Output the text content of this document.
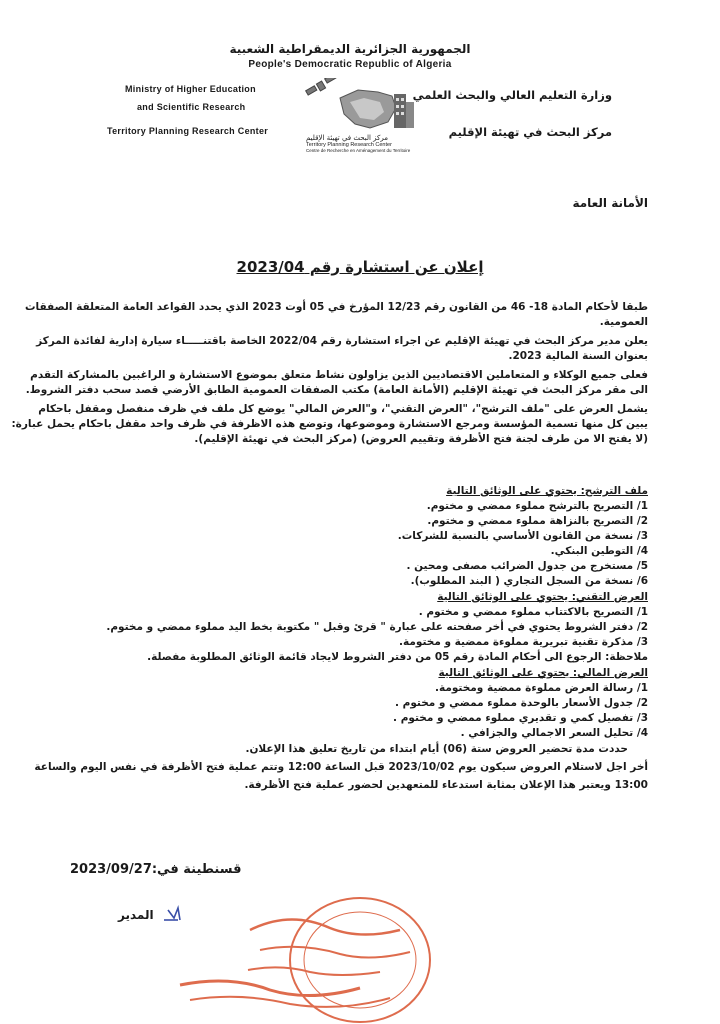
الجمهورية الجزائرية الديمقراطية الشعبية
People's Democratic Republic of Algeria
Ministry of Higher Education
and Scientific Research
Territory Planning Research Center
وزارة التعليم العالي والبحث العلمي
مركز البحث في تهيئة الإقليم
مركز البحث في تهيئة الإقليم
Territory Planning Research Center
Centre de Recherche en Aménagement du Territoire
الأمانة العامة
إعلان عن استشارة رقم 2023/04
طبقا لأحكام المادة 18- 46 من القانون رقم 12/23 المؤرخ في 05 أوت 2023 الذي يحدد القواعد العامة المتعلقة الصفقات
العمومية.
يعلن مدير مركز البحث في تهيئة الإقليم عن اجراء استشارة رقم 2022/04 الخاصة باقتنـــــاء سيارة إدارية لفائدة المركز
بعنوان السنة المالية 2023.
فعلى جميع الوكلاء و المتعاملين الاقتصاديين الذين يزاولون نشاط متعلق بموضوع الاستشارة و الراغبين بالمشاركة التقدم
الى مقر مركز البحث في تهيئة الإقليم (الأمانة العامة) مكتب الصفقات العمومية الطابق الأرضي قصد سحب دفتر الشروط.
يشمل العرض على "ملف الترشح"، "العرض التقني"، و"العرض المالي" يوضع كل ملف في ظرف منفصل ومقفل باحكام
يبين كل منها تسمية المؤسسة ومرجع الاستشارة وموضوعها، وتوضع هذه الاظرفة في ظرف واحد مقفل باحكام يحمل عبارة:
(لا يفتح الا من طرف لجنة فتح الأظرفة وتقييم العروض) (مركز البحث في تهيئة الإقليم).
ملف الترشح: يحتوي على الوثائق التالية
1/ التصريح بالترشح مملوء ممضي و مختوم.
2/ التصريح بالنزاهة مملوء ممضي و مختوم.
3/ نسخة من القانون الأساسي بالنسبة للشركات.
4/ التوطين البنكي.
5/ مستخرج من جدول الضرائب مصفى ومحين .
6/ نسخة من السجل التجاري ( البند المطلوب).
العرض التقني: يحتوي على الوثائق التالية
1/ التصريح بالاكتتاب مملوء ممضي و مختوم .
2/ دفتر الشروط يحتوي في أخر صفحته على عبارة " قرئ وقبل " مكتوبة بخط اليد مملوء ممضي و مختوم.
3/ مذكرة تقنية تبريرية مملوءة ممضية و مختومة.
ملاحظة: الرجوع الى أحكام المادة رقم 05 من دفتر الشروط لايجاد قائمة الوثائق المطلوبة مفصلة.
العرض المالي: يحتوي على الوثائق التالية
1/ رسالة العرض مملوءة ممضية ومختومة.
2/ جدول الأسعار بالوحدة مملوء ممضي و مختوم .
3/ تفصيل كمي و تقديري مملوء ممضي و مختوم .
4/ تحليل السعر الاجمالي والجزافي .
حددت مدة تحضير العروض ستة (06) أيام ابتداء من تاريخ تعليق هذا الإعلان.
أخر اجل لاستلام العروض سيكون يوم 2023/10/02 قبل الساعة 12:00 وتتم عملية فتح الأظرفة في نفس اليوم والساعة
13:00 ويعتبر هذا الإعلان بمثابة استدعاء للمتعهدين لحضور عملية فتح الأظرفة.
قسنطينة في:2023/09/27
المدير
